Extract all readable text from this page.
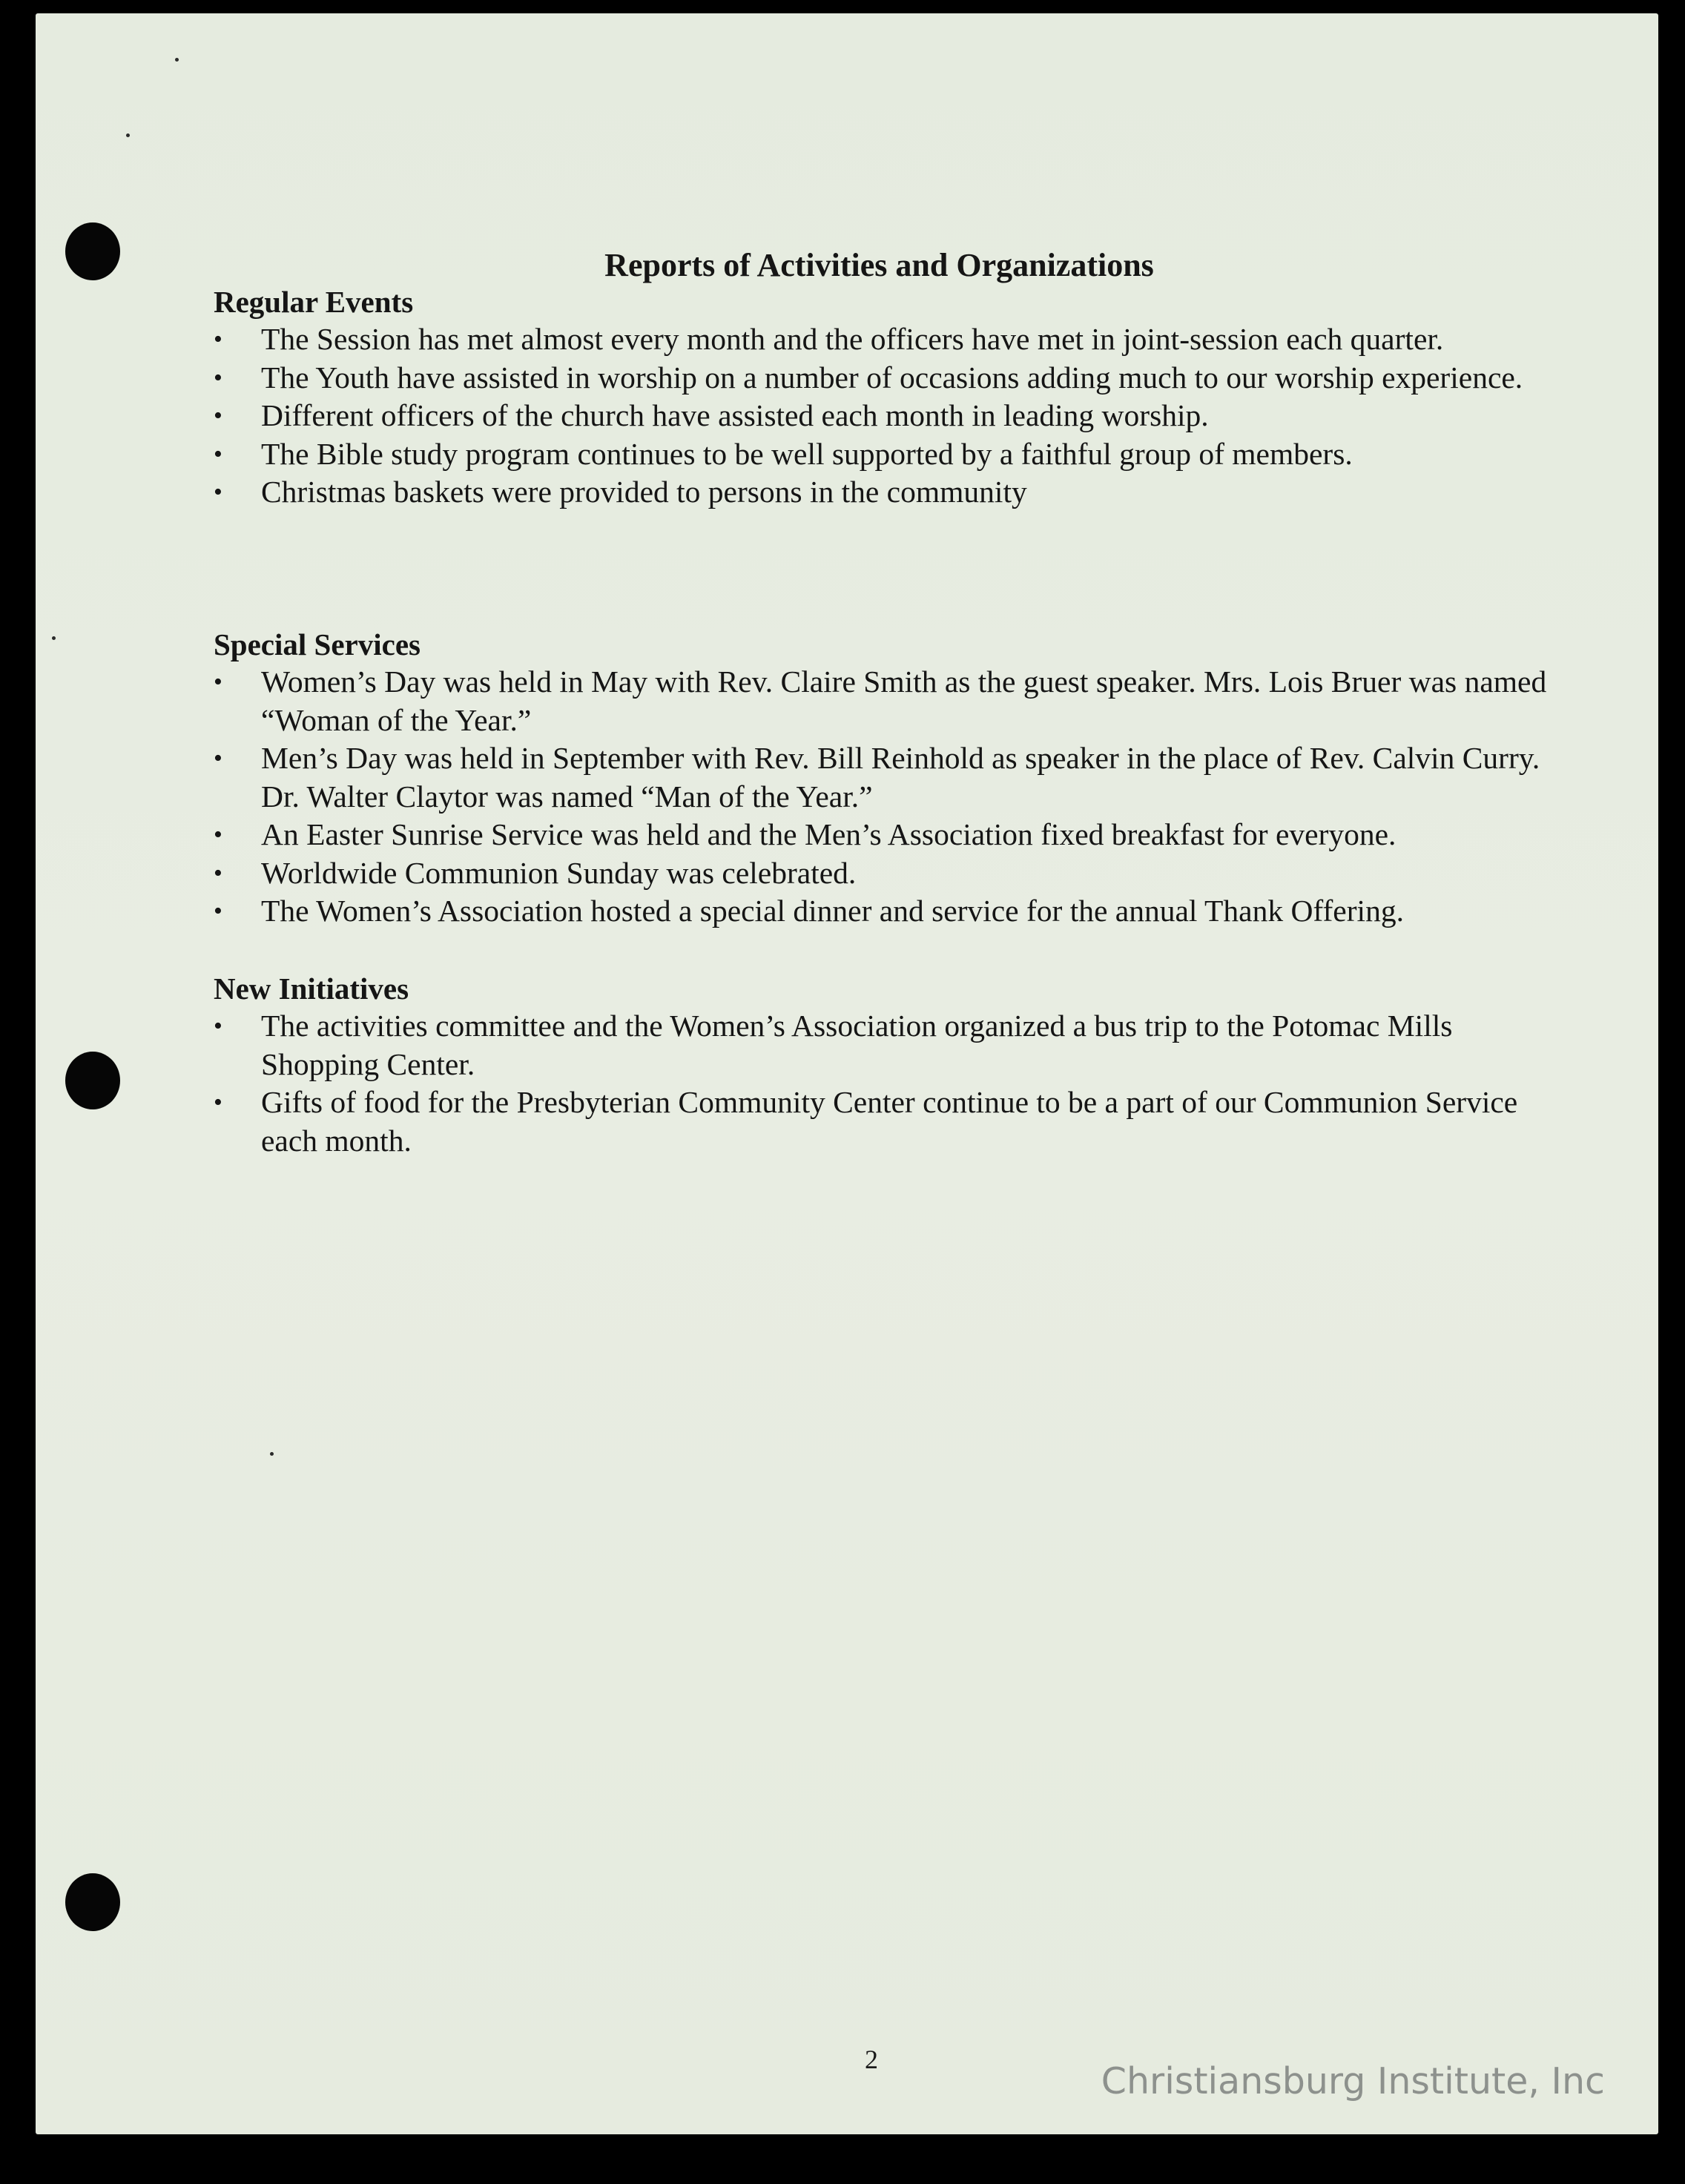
Reports of Activities and Organizations
Regular Events
• The Session has met almost every month and the officers have met in joint-session each quarter.
• The Youth have assisted in worship on a number of occasions adding much to our worship experience.
• Different officers of the church have assisted each month in leading worship.
• The Bible study program continues to be well supported by a faithful group of members.
• Christmas baskets were provided to persons in the community
Special Services
• Women’s Day was held in May with Rev. Claire Smith as the guest speaker. Mrs. Lois Bruer was named “Woman of the Year.”
• Men’s Day was held in September with Rev. Bill Reinhold as speaker in the place of Rev. Calvin Curry. Dr. Walter Claytor was named “Man of the Year.”
• An Easter Sunrise Service was held and the Men’s Association fixed breakfast for everyone.
• Worldwide Communion Sunday was celebrated.
• The Women’s Association hosted a special dinner and service for the annual Thank Offering.
New Initiatives
• The activities committee and the Women’s Association organized a bus trip to the Potomac Mills Shopping Center.
• Gifts of food for the Presbyterian Community Center continue to be a part of our Communion Service each month.
2
Christiansburg Institute, Inc
